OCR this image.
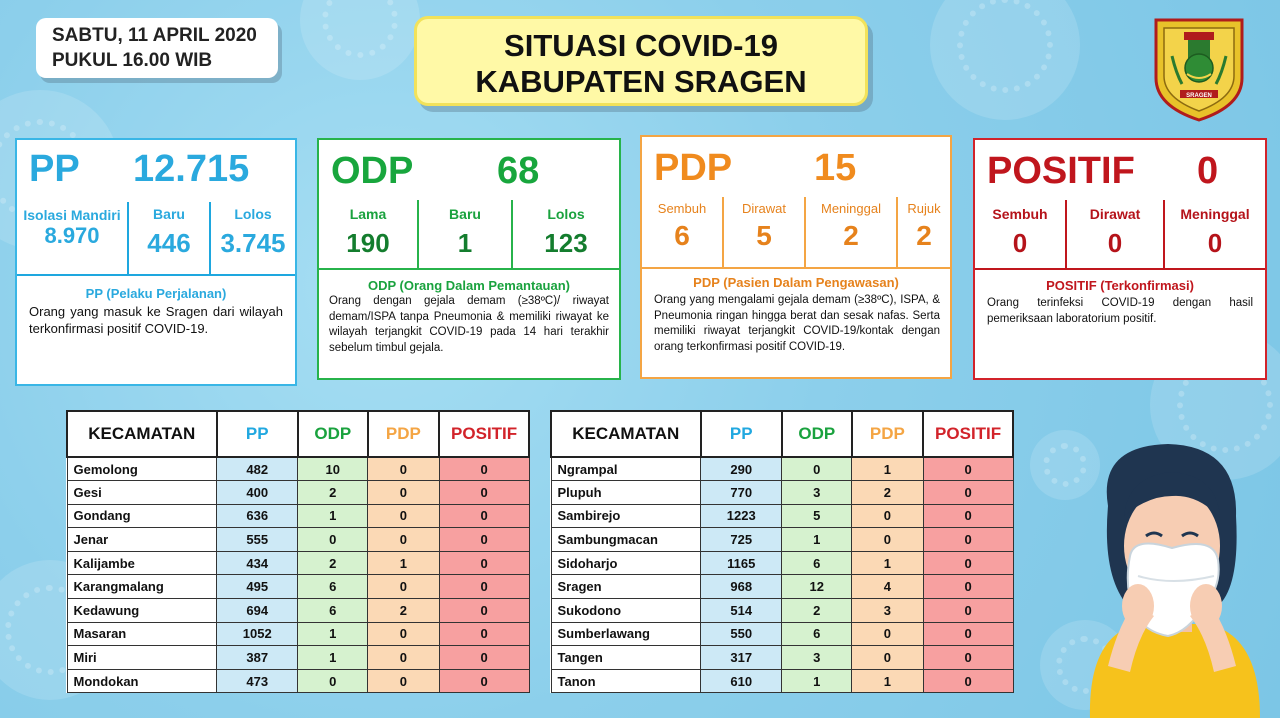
SABTU, 11 APRIL 2020
PUKUL 16.00 WIB	SITUASI COVID-19
KABUPATEN SRAGEN	SRAGEN
PP 12.715
Isolasi Mandiri
8.970
Baru
446
Lolos
3.745
PP (Pelaku Perjalanan)
Orang yang masuk ke Sragen dari wilayah terkonfirmasi positif COVID-19.
ODP 68
Lama
190
Baru
1
Lolos
123
ODP (Orang Dalam Pemantauan)
Orang dengan gejala demam (≥38ºC)/ riwayat demam/ISPA tanpa Pneumonia & memiliki riwayat ke wilayah terjangkit COVID-19 pada 14 hari terakhir sebelum timbul gejala.
PDP 15
Sembuh
6
Dirawat
5
Meninggal
2
Rujuk
2
PDP (Pasien Dalam Pengawasan)
Orang yang mengalami gejala demam (≥38ºC), ISPA, & Pneumonia ringan hingga berat dan sesak nafas. Serta memiliki riwayat terjangkit COVID-19/kontak dengan orang terkonfirmasi positif COVID-19.
POSITIF 0
Sembuh
0
Dirawat
0
Meninggal
0
POSITIF (Terkonfirmasi)
Orang terinfeksi COVID-19 dengan hasil pemeriksaan laboratorium positif.
KECAMATAN	PP	ODP	PDP	POSITIF
Gemolong	482	10	0	0
Gesi	400	2	0	0
Gondang	636	1	0	0
Jenar	555	0	0	0
Kalijambe	434	2	1	0
Karangmalang	495	6	0	0
Kedawung	694	6	2	0
Masaran	1052	1	0	0
Miri	387	1	0	0
Mondokan	473	0	0	0
KECAMATAN	PP	ODP	PDP	POSITIF
Ngrampal	290	0	1	0
Plupuh	770	3	2	0
Sambirejo	1223	5	0	0
Sambungmacan	725	1	0	0
Sidoharjo	1165	6	1	0
Sragen	968	12	4	0
Sukodono	514	2	3	0
Sumberlawang	550	6	0	0
Tangen	317	3	0	0
Tanon	610	1	1	0
